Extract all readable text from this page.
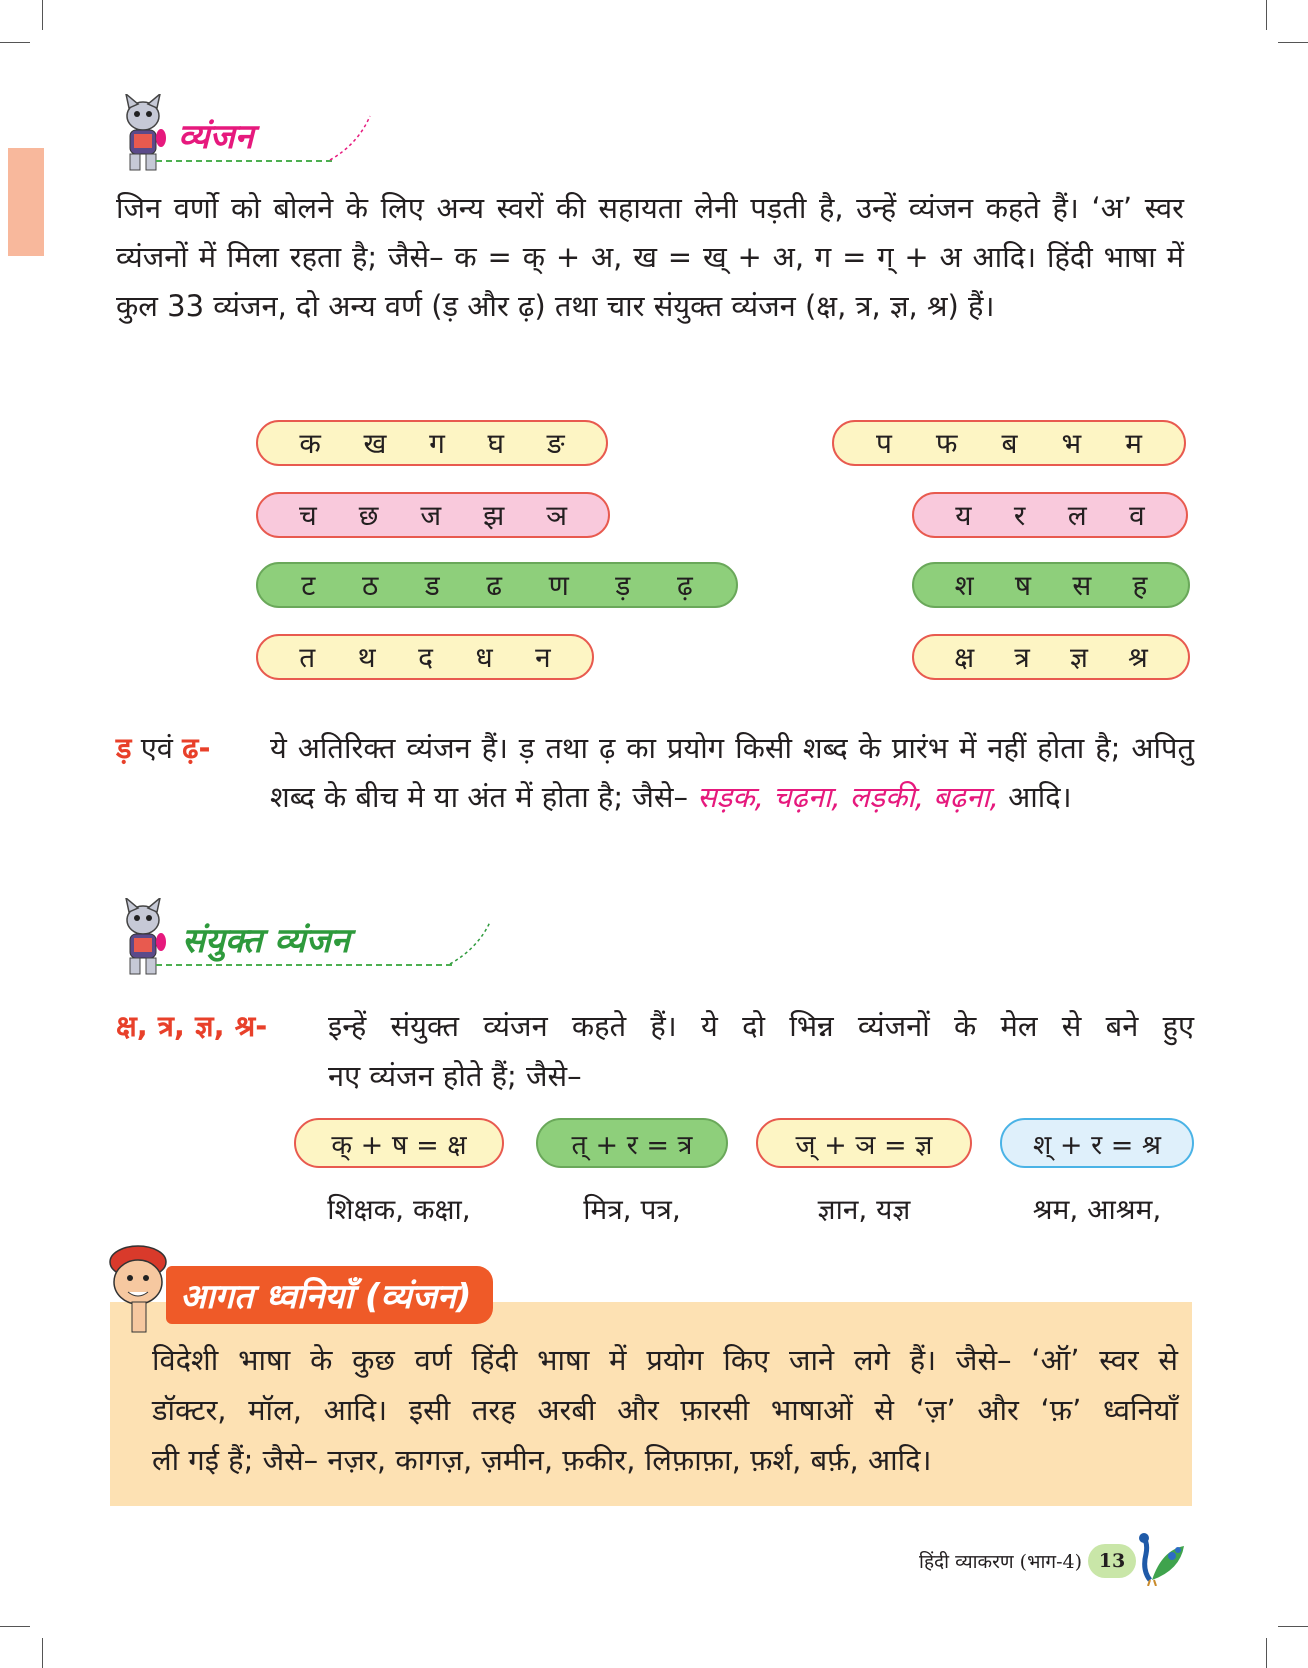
व्यंजन
जिन वर्णो को बोलने के लिए अन्य स्वरों की सहायता लेनी पड़ती है, उन्हें व्यंजन कहते हैं। ‘अ’ स्वर व्यंजनों में मिला रहता है; जैसे– क = क् + अ, ख = ख् + अ, ग = ग् + अ आदि। हिंदी भाषा में कुल 33 व्यंजन, दो अन्य वर्ण (ड़ और ढ़) तथा चार संयुक्त व्यंजन (क्ष, त्र, ज्ञ, श्र) हैं।
क ख ग घ ङ
च छ ज झ ञ
ट ठ ड ढ ण ड़ ढ़
त थ द ध न
प फ ब भ म
य र ल व
श ष स ह
क्ष त्र ज्ञ श्र
ड़ एवं ढ़-	ये अतिरिक्त व्यंजन हैं। ड़ तथा ढ़ का प्रयोग किसी शब्द के प्रारंभ में नहीं होता है; अपितु शब्द के बीच मे या अंत में होता है; जैसे– सड़क, चढ़ना, लड़की, बढ़ना, आदि।
संयुक्त व्यंजन
क्ष, त्र, ज्ञ, श्र- इन्हें संयुक्त व्यंजन कहते हैं। ये दो भिन्न व्यंजनों के मेल से बने हुए
नए व्यंजन होते हैं; जैसे–
क् + ष = क्ष	त् + र = त्र	ज् + ञ = ज्ञ	श् + र = श्र
शिक्षक, कक्षा,	मित्र, पत्र,	ज्ञान, यज्ञ	श्रम, आश्रम,
आगत ध्वनियाँ (व्यंजन)
विदेशी भाषा के कुछ वर्ण हिंदी भाषा में प्रयोग किए जाने लगे हैं। जैसे– ‘ऑ’ स्वर से
डॉक्टर, मॉल, आदि। इसी तरह अरबी और फ़ारसी भाषाओं से ‘ज़’ और ‘फ़’ ध्वनियाँ
ली गई हैं; जैसे– नज़र, कागज़, ज़मीन, फ़कीर, लिफ़ाफ़ा, फ़र्श, बर्फ़, आदि।
हिंदी व्याकरण (भाग-4) 13
